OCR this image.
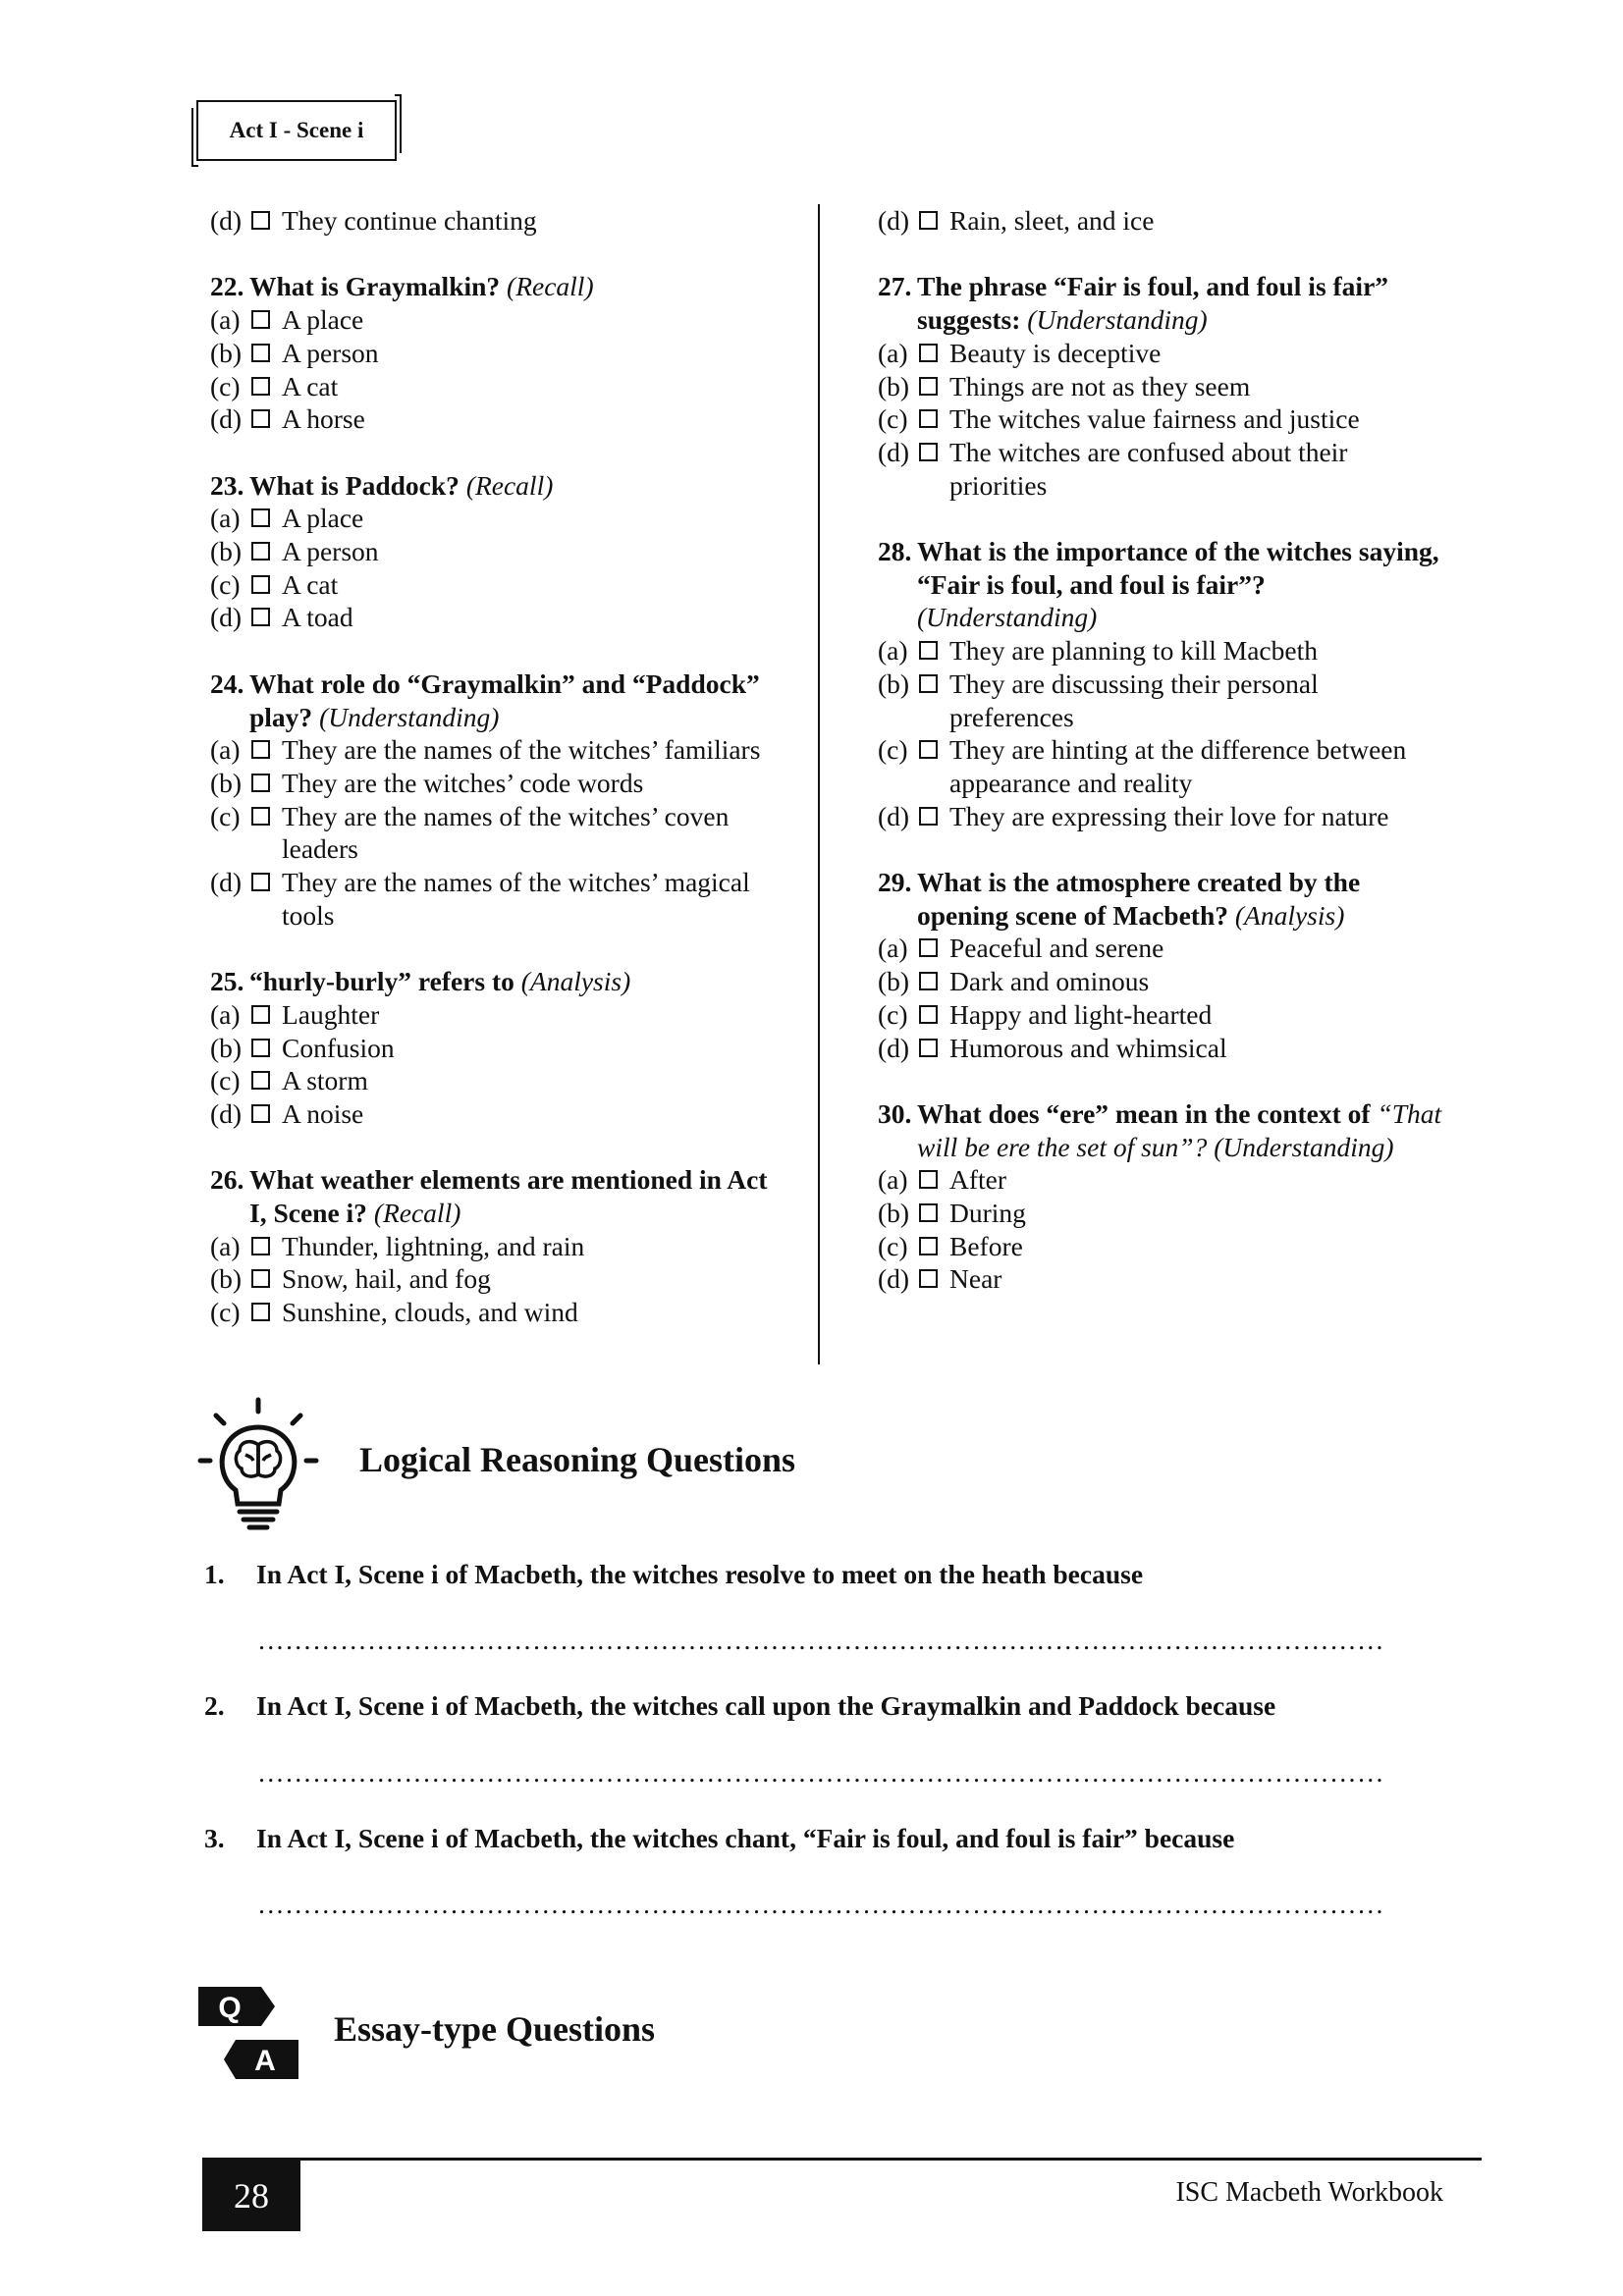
Act I - Scene i
(d)	They continue chanting
22. What is Graymalkin? (Recall)
(a)	A place
(b)	A person
(c)	A cat
(d)	A horse
23. What is Paddock? (Recall)
(a)	A place
(b)	A person
(c)	A cat
(d)	A toad
24. What role do “Graymalkin” and “Paddock” play? (Understanding)
(a)	They are the names of the witches’ familiars
(b)	They are the witches’ code words
(c)	They are the names of the witches’ coven leaders
(d)	They are the names of the witches’ magical tools
25. “hurly-burly” refers to (Analysis)
(a)	Laughter
(b)	Confusion
(c)	A storm
(d)	A noise
26. What weather elements are mentioned in Act I, Scene i? (Recall)
(a)	Thunder, lightning, and rain
(b)	Snow, hail, and fog
(c)	Sunshine, clouds, and wind
(d)	Rain, sleet, and ice
27. The phrase “Fair is foul, and foul is fair” suggests: (Understanding)
(a)	Beauty is deceptive
(b)	Things are not as they seem
(c)	The witches value fairness and justice
(d)	The witches are confused about their priorities
28. What is the importance of the witches saying, “Fair is foul, and foul is fair”? (Understanding)
(a)	They are planning to kill Macbeth
(b)	They are discussing their personal preferences
(c)	They are hinting at the difference between appearance and reality
(d)	They are expressing their love for nature
29. What is the atmosphere created by the opening scene of Macbeth? (Analysis)
(a)	Peaceful and serene
(b)	Dark and ominous
(c)	Happy and light-hearted
(d)	Humorous and whimsical
30. What does “ere” mean in the context of “That will be ere the set of sun”? (Understanding)
(a)	After
(b)	During
(c)	Before
(d)	Near
Logical Reasoning Questions
1.	In Act I, Scene i of Macbeth, the witches resolve to meet on the heath because
……………………………………………………………………………………………………………
2.	In Act I, Scene i of Macbeth, the witches call upon the Graymalkin and Paddock because
……………………………………………………………………………………………………………
3.	In Act I, Scene i of Macbeth, the witches chant, “Fair is foul, and foul is fair” because
……………………………………………………………………………………………………………
Q
A
Essay-type Questions
28	ISC Macbeth Workbook
